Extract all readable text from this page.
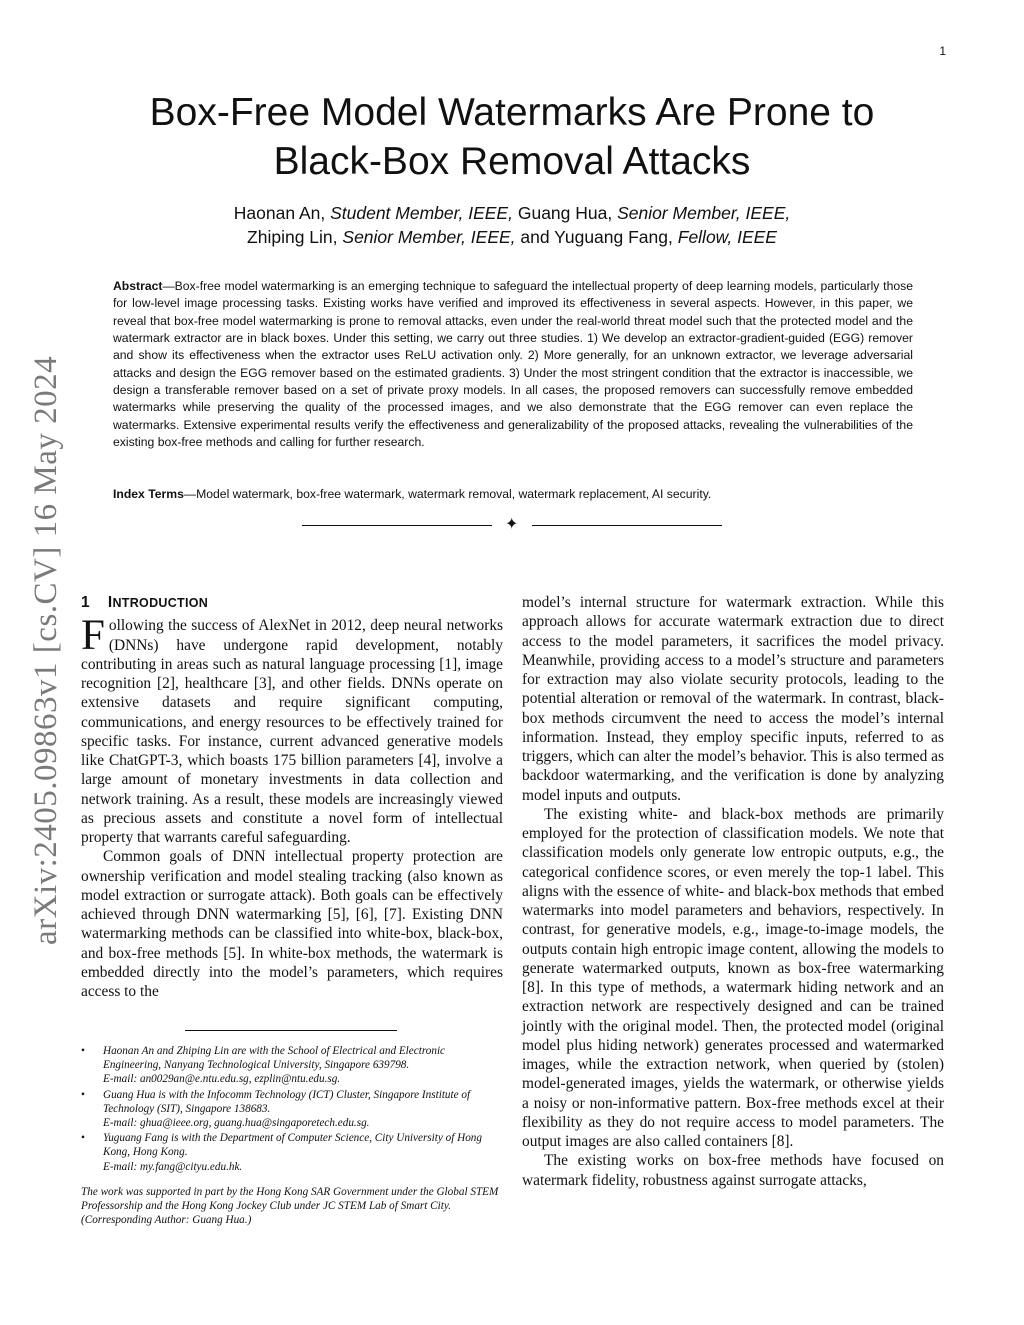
1
arXiv:2405.09863v1 [cs.CV] 16 May 2024
Box-Free Model Watermarks Are Prone to
Black-Box Removal Attacks
Haonan An, Student Member, IEEE, Guang Hua, Senior Member, IEEE,
Zhiping Lin, Senior Member, IEEE, and Yuguang Fang, Fellow, IEEE
Abstract—Box-free model watermarking is an emerging technique to safeguard the intellectual property of deep learning models, particularly those for low-level image processing tasks. Existing works have verified and improved its effectiveness in several aspects. However, in this paper, we reveal that box-free model watermarking is prone to removal attacks, even under the real-world threat model such that the protected model and the watermark extractor are in black boxes. Under this setting, we carry out three studies. 1) We develop an extractor-gradient-guided (EGG) remover and show its effectiveness when the extractor uses ReLU activation only. 2) More generally, for an unknown extractor, we leverage adversarial attacks and design the EGG remover based on the estimated gradients. 3) Under the most stringent condition that the extractor is inaccessible, we design a transferable remover based on a set of private proxy models. In all cases, the proposed removers can successfully remove embedded watermarks while preserving the quality of the processed images, and we also demonstrate that the EGG remover can even replace the watermarks. Extensive experimental results verify the effectiveness and generalizability of the proposed attacks, revealing the vulnerabilities of the existing box-free methods and calling for further research.
Index Terms—Model watermark, box-free watermark, watermark removal, watermark replacement, AI security.
✦
1 INTRODUCTION

Following the success of AlexNet in 2012, deep neural networks (DNNs) have undergone rapid development, notably contributing in areas such as natural language processing [1], image recognition [2], healthcare [3], and other fields. DNNs operate on extensive datasets and require significant computing, communications, and energy resources to be effectively trained for specific tasks. For instance, current advanced generative models like ChatGPT-3, which boasts 175 billion parameters [4], involve a large amount of monetary investments in data collection and network training. As a result, these models are increasingly viewed as precious assets and constitute a novel form of intellectual property that warrants careful safeguarding.

Common goals of DNN intellectual property protection are ownership verification and model stealing tracking (also known as model extraction or surrogate attack). Both goals can be effectively achieved through DNN watermarking [5], [6], [7]. Existing DNN watermarking methods can be classified into white-box, black-box, and box-free methods [5]. In white-box methods, the watermark is embedded directly into the model’s parameters, which requires access to the

• Haonan An and Zhiping Lin are with the School of Electrical and Electronic Engineering, Nanyang Technological University, Singapore 639798.
E-mail: an0029an@e.ntu.edu.sg, ezplin@ntu.edu.sg.
• Guang Hua is with the Infocomm Technology (ICT) Cluster, Singapore Institute of Technology (SIT), Singapore 138683.
E-mail: ghua@ieee.org, guang.hua@singaporetech.edu.sg.
• Yuguang Fang is with the Department of Computer Science, City University of Hong Kong, Hong Kong.
E-mail: my.fang@cityu.edu.hk.

The work was supported in part by the Hong Kong SAR Government under the Global STEM Professorship and the Hong Kong Jockey Club under JC STEM Lab of Smart City.

(Corresponding Author: Guang Hua.)

model’s internal structure for watermark extraction. While this approach allows for accurate watermark extraction due to direct access to the model parameters, it sacrifices the model privacy. Meanwhile, providing access to a model’s structure and parameters for extraction may also violate security protocols, leading to the potential alteration or removal of the watermark. In contrast, black-box methods circumvent the need to access the model’s internal information. Instead, they employ specific inputs, referred to as triggers, which can alter the model’s behavior. This is also termed as backdoor watermarking, and the verification is done by analyzing model inputs and outputs.

The existing white- and black-box methods are primarily employed for the protection of classification models. We note that classification models only generate low entropic outputs, e.g., the categorical confidence scores, or even merely the top-1 label. This aligns with the essence of white- and black-box methods that embed watermarks into model parameters and behaviors, respectively. In contrast, for generative models, e.g., image-to-image models, the outputs contain high entropic image content, allowing the models to generate watermarked outputs, known as box-free watermarking [8]. In this type of methods, a watermark hiding network and an extraction network are respectively designed and can be trained jointly with the original model. Then, the protected model (original model plus hiding network) generates processed and watermarked images, while the extraction network, when queried by (stolen) model-generated images, yields the watermark, or otherwise yields a noisy or non-informative pattern. Box-free methods excel at their flexibility as they do not require access to model parameters. The output images are also called containers [8].

The existing works on box-free methods have focused on watermark fidelity, robustness against surrogate attacks,
